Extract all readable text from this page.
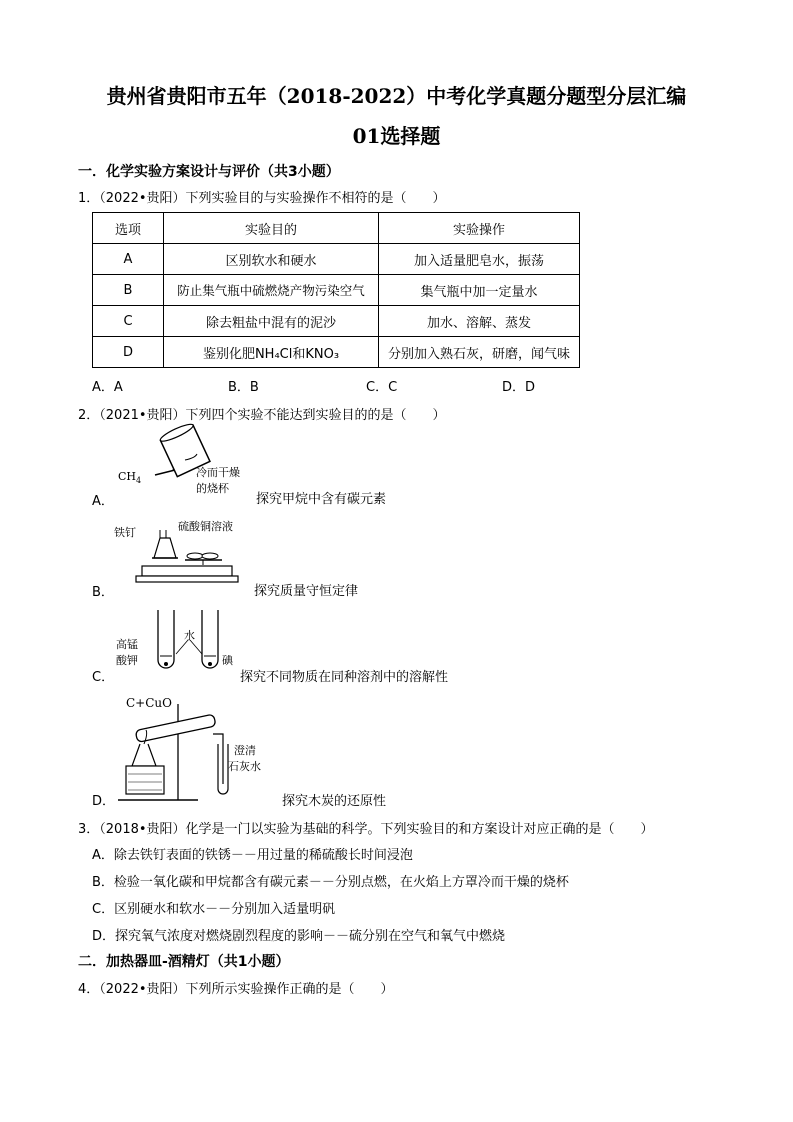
贵州省贵阳市五年（2018-2022）中考化学真题分题型分层汇编
01选择题
一．化学实验方案设计与评价（共3小题）
1．（2022•贵阳）下列实验目的与实验操作不相符的是（　　）
选项	实验目的	实验操作
A	区别软水和硬水	加入适量肥皂水，振荡
B	防止集气瓶中硫燃烧产物污染空气	集气瓶中加一定量水
C	除去粗盐中混有的泥沙	加水、溶解、蒸发
D	鉴别化肥NH₄Cl和KNO₃	分别加入熟石灰，研磨，闻气味
A．A	B．B	C．C	D．D
2．（2021•贵阳）下列四个实验不能达到实验目的的是（　　）
A．
$CH_4$
冷而干燥
的烧杯
探究甲烷中含有碳元素
B．
铁钉	硫酸铜溶液
探究质量守恒定律
C．
高锰
酸钾
水
碘
探究不同物质在同种溶剂中的溶解性
D．
C+CuO
澄清
石灰水
探究木炭的还原性
3．（2018•贵阳）化学是一门以实验为基础的科学。下列实验目的和方案设计对应正确的是（　　）
A．除去铁钉表面的铁锈－－用过量的稀硫酸长时间浸泡
B．检验一氧化碳和甲烷都含有碳元素－－分别点燃，在火焰上方罩冷而干燥的烧杯
C．区别硬水和软水－－分别加入适量明矾
D．探究氧气浓度对燃烧剧烈程度的影响－－硫分别在空气和氧气中燃烧
二．加热器皿-酒精灯（共1小题）
4．（2022•贵阳）下列所示实验操作正确的是（　　）
